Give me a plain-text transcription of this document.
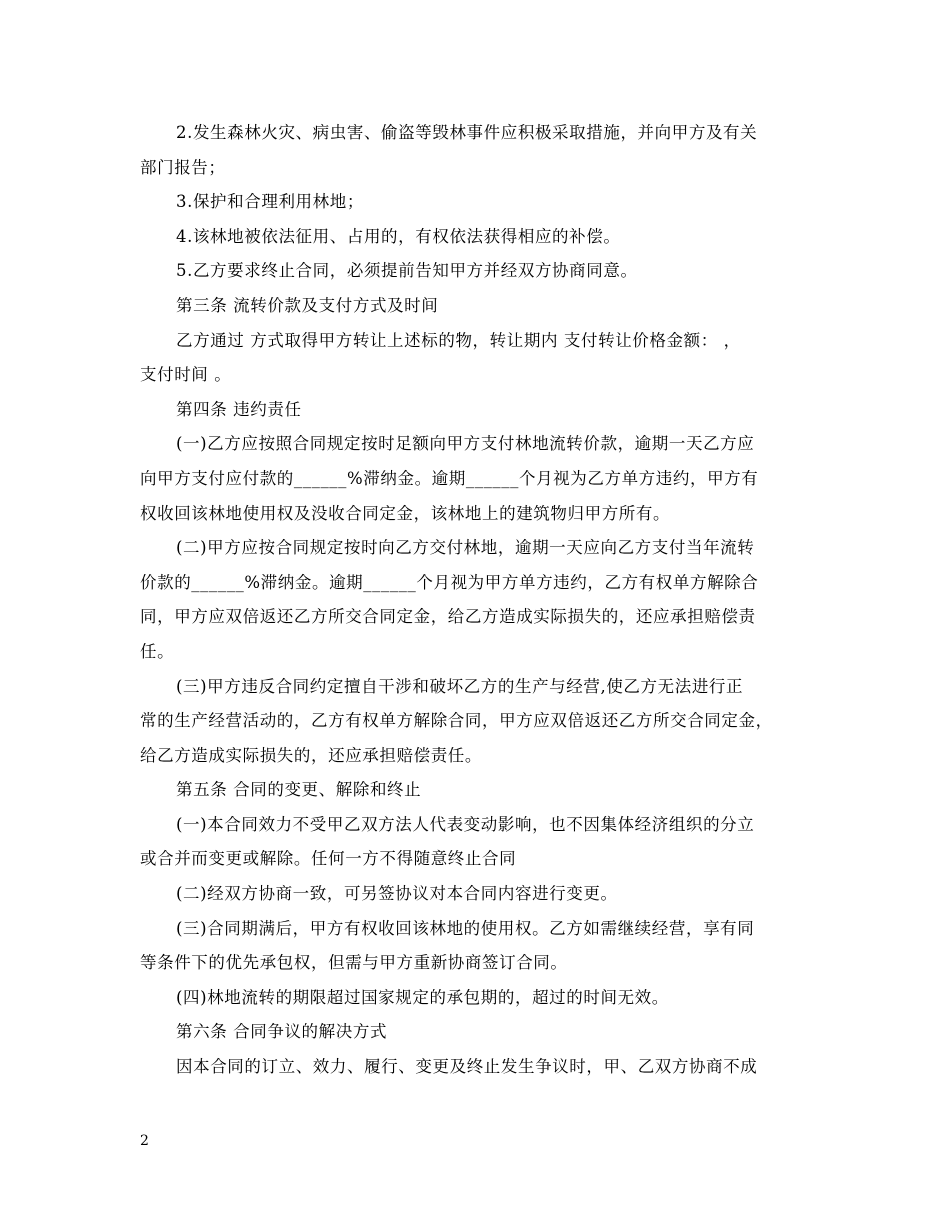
2.发生森林火灾、病虫害、偷盗等毁林事件应积极采取措施，并向甲方及有关
部门报告；
3.保护和合理利用林地；
4.该林地被依法征用、占用的，有权依法获得相应的补偿。
5.乙方要求终止合同，必须提前告知甲方并经双方协商同意。
第三条 流转价款及支付方式及时间
乙方通过 方式取得甲方转让上述标的物，转让期内 支付转让价格金额： ，
支付时间 。
第四条 违约责任
(一)乙方应按照合同规定按时足额向甲方支付林地流转价款，逾期一天乙方应
向甲方支付应付款的______%滞纳金。逾期______个月视为乙方单方违约，甲方有
权收回该林地使用权及没收合同定金，该林地上的建筑物归甲方所有。
(二)甲方应按合同规定按时向乙方交付林地，逾期一天应向乙方支付当年流转
价款的______%滞纳金。逾期______个月视为甲方单方违约，乙方有权单方解除合
同，甲方应双倍返还乙方所交合同定金，给乙方造成实际损失的，还应承担赔偿责
任。
(三)甲方违反合同约定擅自干涉和破坏乙方的生产与经营,使乙方无法进行正
常的生产经营活动的，乙方有权单方解除合同，甲方应双倍返还乙方所交合同定金，
给乙方造成实际损失的，还应承担赔偿责任。
第五条 合同的变更、解除和终止
(一)本合同效力不受甲乙双方法人代表变动影响，也不因集体经济组织的分立
或合并而变更或解除。任何一方不得随意终止合同
(二)经双方协商一致，可另签协议对本合同内容进行变更。
(三)合同期满后，甲方有权收回该林地的使用权。乙方如需继续经营，享有同
等条件下的优先承包权，但需与甲方重新协商签订合同。
(四)林地流转的期限超过国家规定的承包期的，超过的时间无效。
第六条 合同争议的解决方式
因本合同的订立、效力、履行、变更及终止发生争议时，甲、乙双方协商不成
2
